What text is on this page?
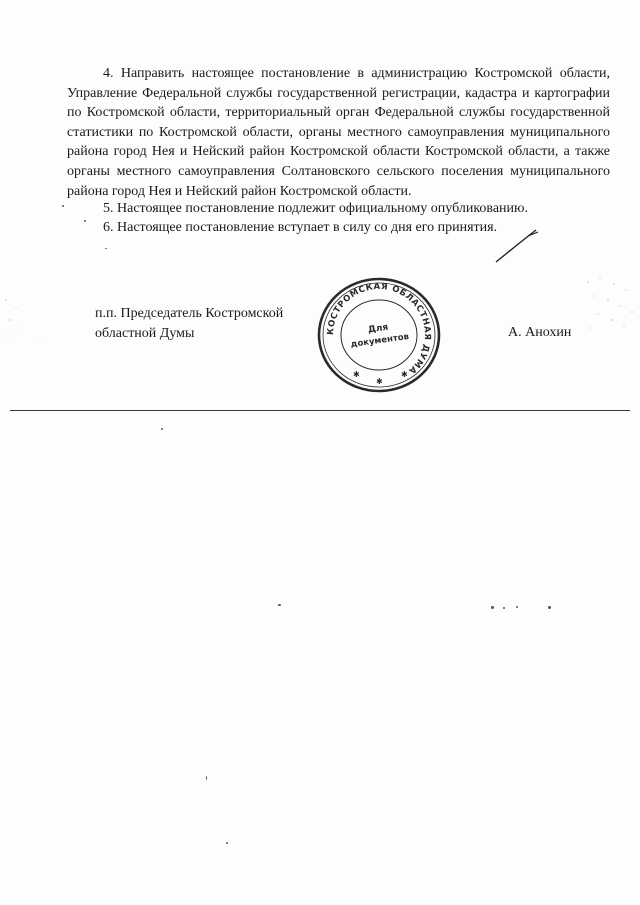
4. Направить настоящее постановление в администрацию Костромской области, Управление Федеральной службы государственной регистрации, кадастра и картографии по Костромской области, территориальный орган Федеральной службы государственной статистики по Костромской области, органы местного самоуправления муниципального района город Нея и Нейский район Костромской области Костромской области, а также органы местного самоуправления Солтановского сельского поселения муниципального района город Нея и Нейский район Костромской области.

5. Настоящее постановление подлежит официальному опубликованию.

6. Настоящее постановление вступает в силу со дня его принятия.

п.п. Председатель Костромской
областной Думы	КОСТРОМСКАЯ ОБЛАСТНАЯ ДУМА
Для
документов
✱
✱
✱
А. Анохин
